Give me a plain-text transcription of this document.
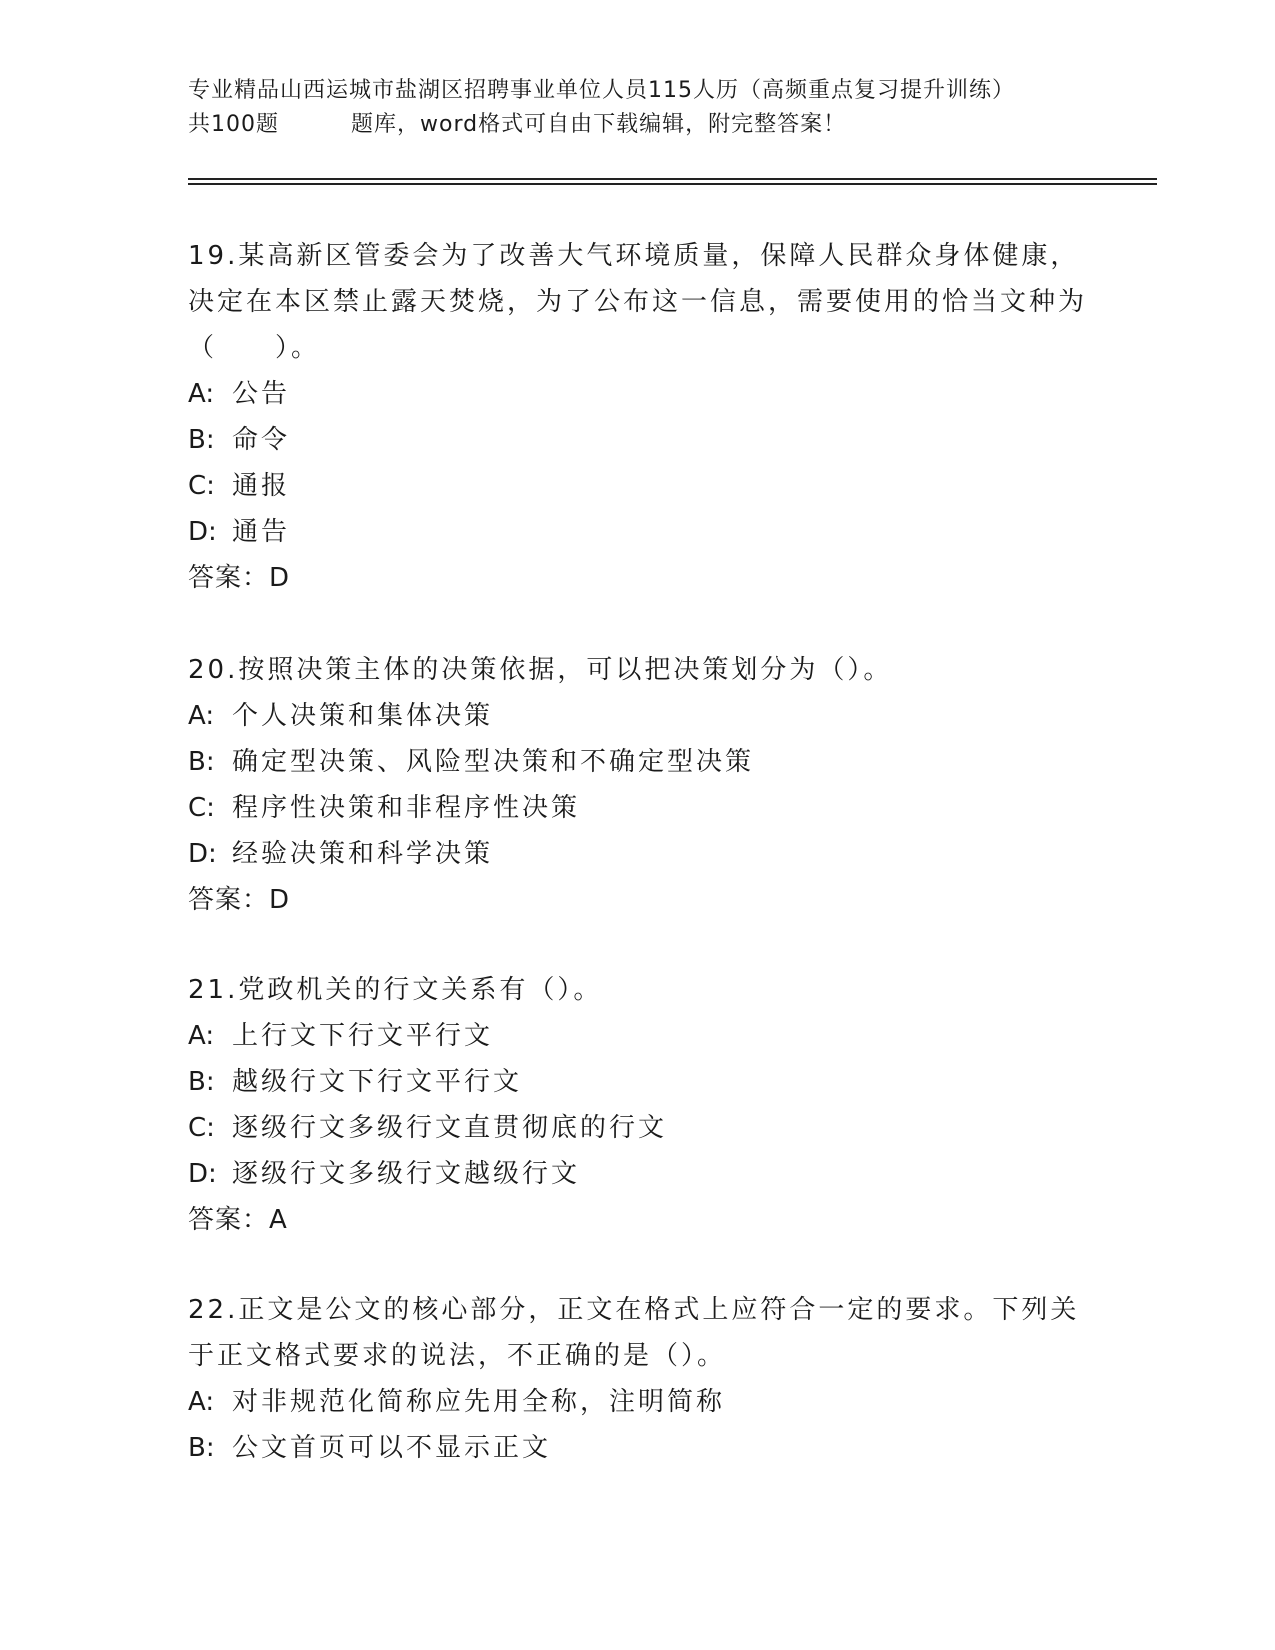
专业精品山西运城市盐湖区招聘事业单位人员115人历（高频重点复习提升训练）
共100题	题库，word格式可自由下载编辑，附完整答案！
19.某高新区管委会为了改善大气环境质量，保障人民群众身体健康，决定在本区禁止露天焚烧，为了公布这一信息，需要使用的恰当文种为（　　）。
A: 公告
B: 命令
C: 通报
D: 通告
答案：D
20.按照决策主体的决策依据，可以把决策划分为（）。
A: 个人决策和集体决策
B: 确定型决策、风险型决策和不确定型决策
C: 程序性决策和非程序性决策
D: 经验决策和科学决策
答案：D
21.党政机关的行文关系有（）。
A: 上行文下行文平行文
B: 越级行文下行文平行文
C: 逐级行文多级行文直贯彻底的行文
D: 逐级行文多级行文越级行文
答案：A
22.正文是公文的核心部分，正文在格式上应符合一定的要求。下列关于正文格式要求的说法，不正确的是（）。
A: 对非规范化简称应先用全称，注明简称
B: 公文首页可以不显示正文
